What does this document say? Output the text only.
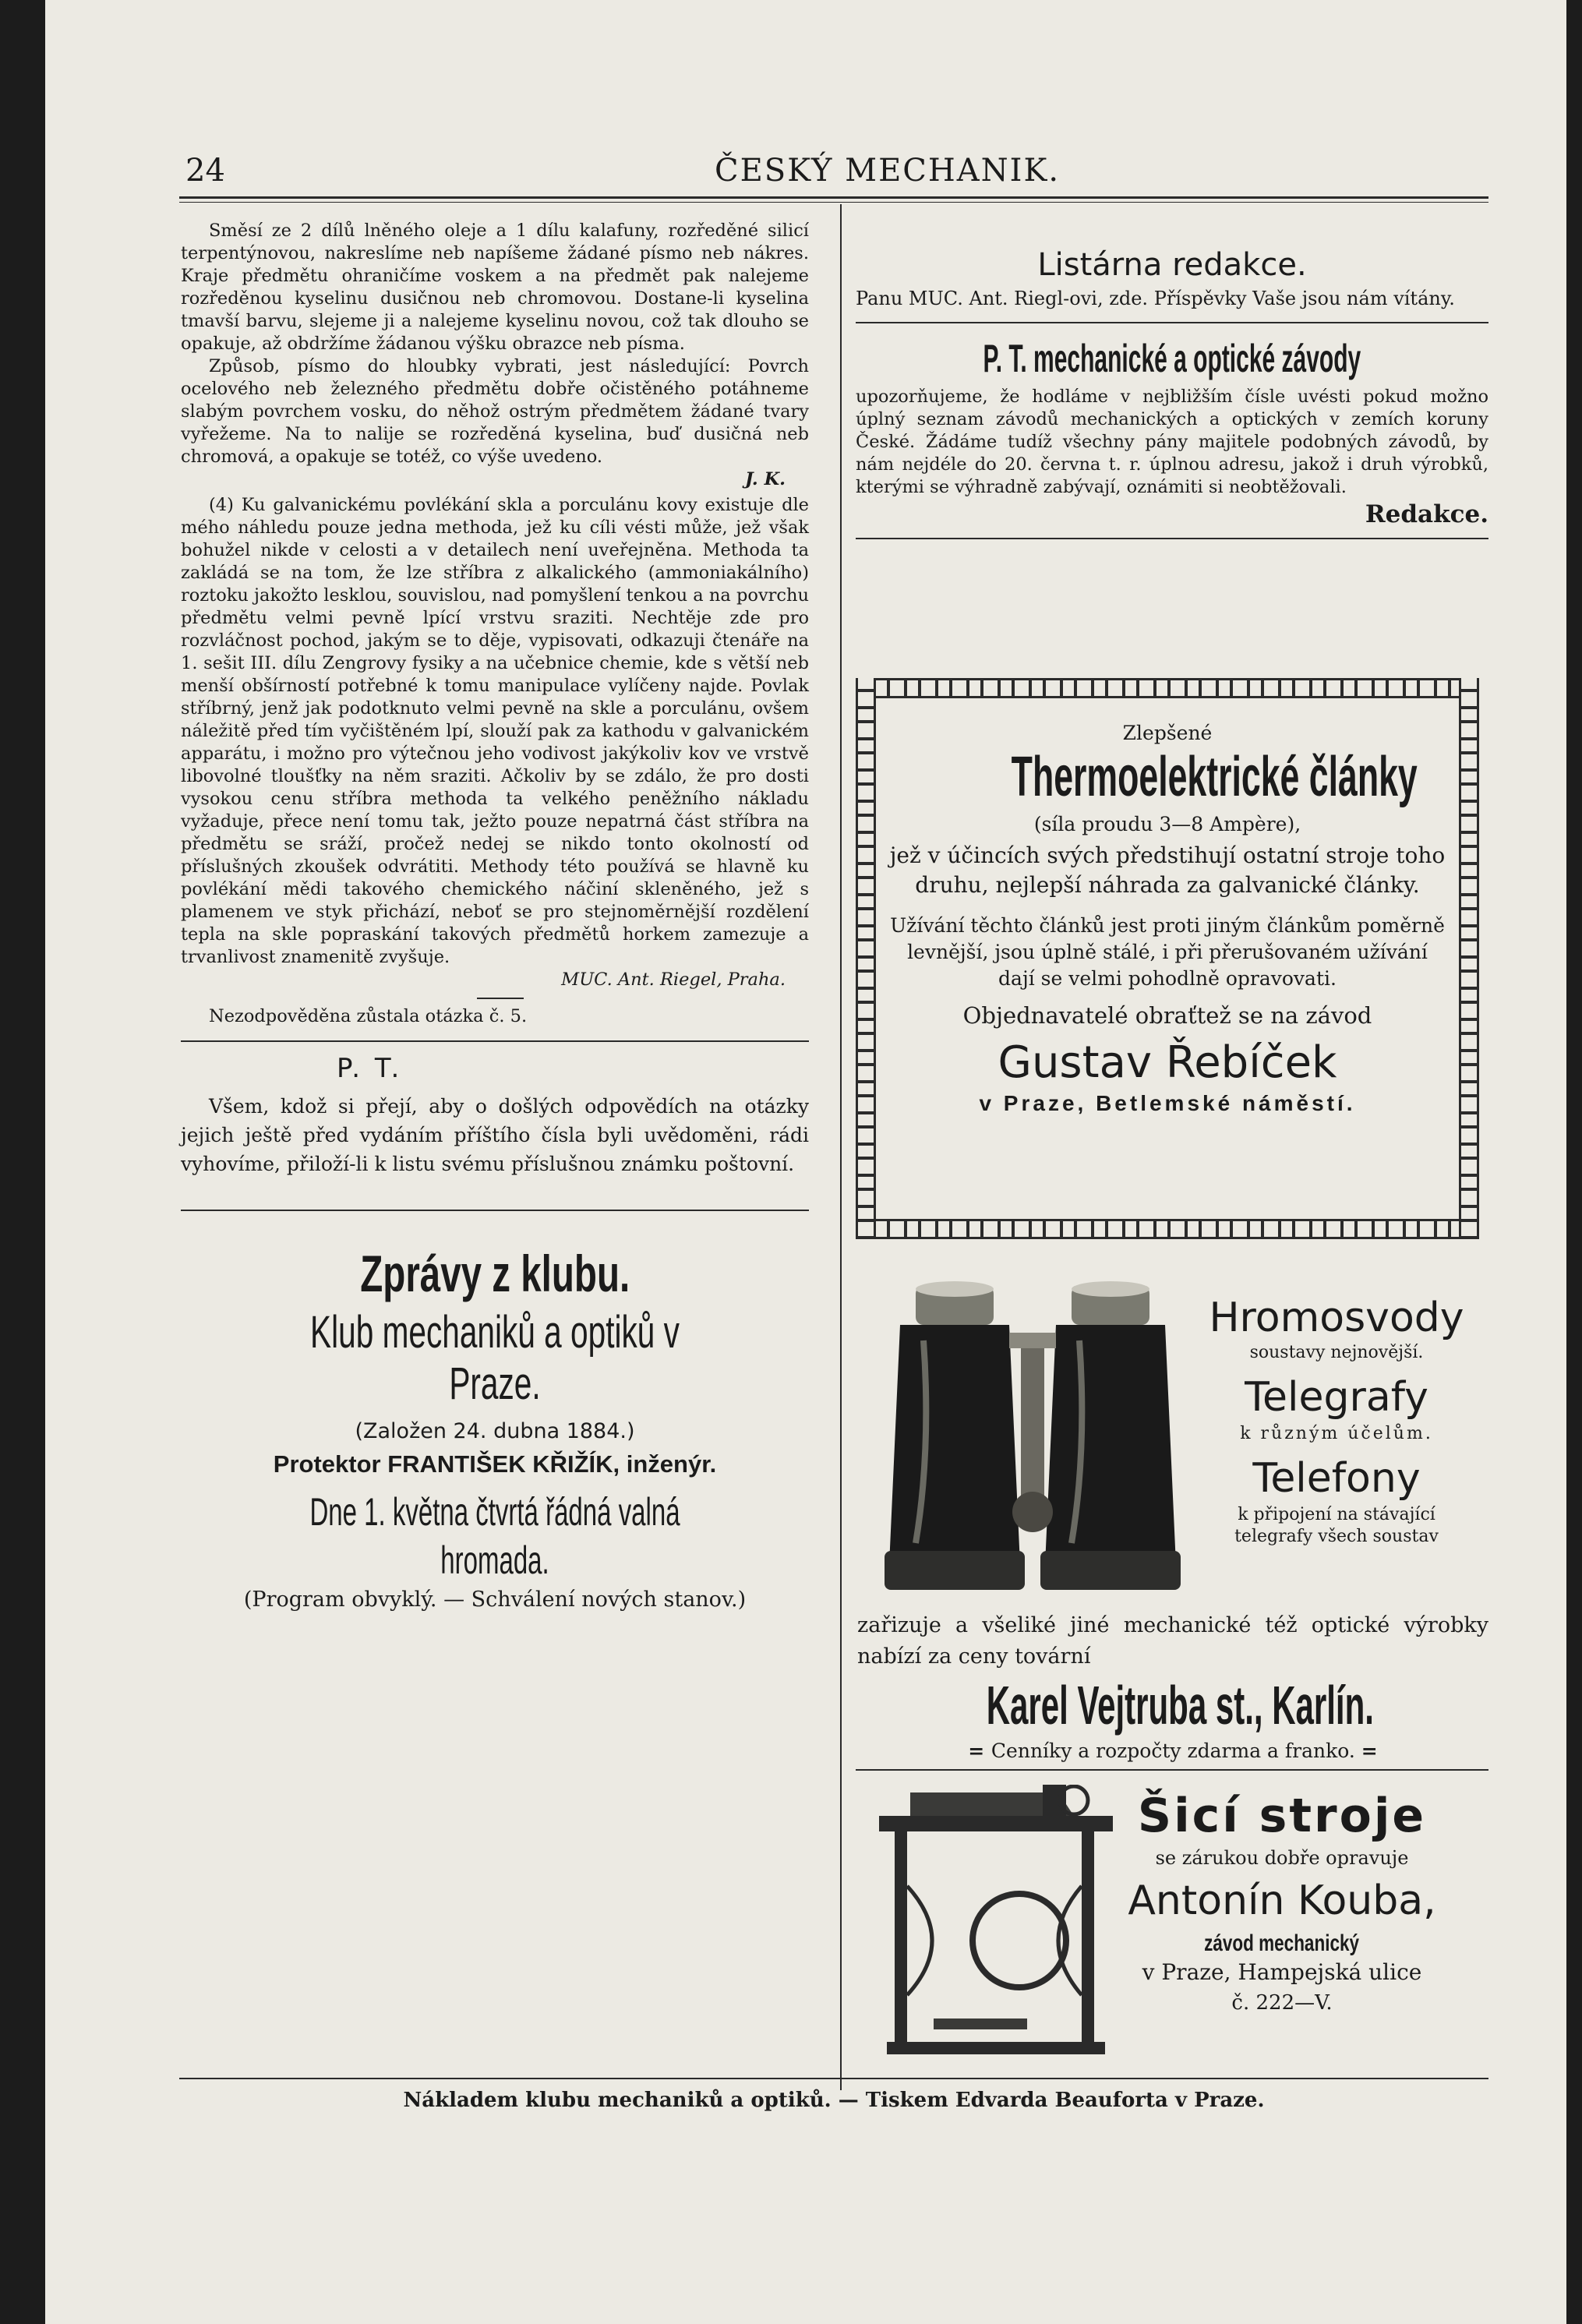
24	ČESKÝ MECHANIK.

Směsí ze 2 dílů lněného oleje a 1 dílu kalafuny, rozředěné silicí terpentýnovou, nakreslíme neb napíšeme žádané písmo neb nákres. Kraje předmětu ohraničíme voskem a na předmět pak nalejeme rozředěnou kyselinu dusičnou neb chromovou. Dostane-li kyselina tmavší barvu, slejeme ji a nalejeme kyselinu novou, což tak dlouho se opakuje, až obdržíme žádanou výšku obrazce neb písma.

Způsob, písmo do hloubky vybrati, jest následující: Povrch ocelového neb železného předmětu dobře očistěného potáhneme slabým povrchem vosku, do něhož ostrým předmětem žádané tvary vyřežeme. Na to nalije se rozředěná kyselina, buď dusičná neb chromová, a opakuje se totéž, co výše uvedeno.

J. K.

(4) Ku galvanickému povlékání skla a porculánu kovy existuje dle mého náhledu pouze jedna methoda, jež ku cíli vésti může, jež však bohužel nikde v celosti a v detailech není uveřejněna. Methoda ta zakládá se na tom, že lze stříbra z alkalického (ammoniakálního) roztoku jakožto lesklou, souvislou, nad pomyšlení tenkou a na povrchu předmětu velmi pevně lpící vrstvu sraziti. Nechtěje zde pro rozvláčnost pochod, jakým se to děje, vypisovati, odkazuji čtenáře na 1. sešit III. dílu Zengrovy fysiky a na učebnice chemie, kde s větší neb menší obšírností potřebné k tomu manipulace vylíčeny najde. Povlak stříbrný, jenž jak podotknuto velmi pevně na skle a porculánu, ovšem náležitě před tím vyčištěném lpí, slouží pak za kathodu v galvanickém apparátu, i možno pro výtečnou jeho vodivost jakýkoliv kov ve vrstvě libovolné tloušťky na něm sraziti. Ačkoliv by se zdálo, že pro dosti vysokou cenu stříbra methoda ta velkého peněžního nákladu vyžaduje, přece není tomu tak, ježto pouze nepatrná část stříbra na předmětu se sráží, pročež nedej se nikdo tonto okolností od příslušných zkoušek odvrátiti. Methody této používá se hlavně ku povlékání mědi takového chemického náčiní skleněného, jež s plamenem ve styk přichází, neboť se pro stejnoměrnější rozdělení tepla na skle popraskání takových předmětů horkem zamezuje a trvanlivost znamenitě zvyšuje.

MUC. Ant. Riegel, Praha.

Nezodpověděna zůstala otázka č. 5.

P. T.

Všem, kdož si přejí, aby o došlých odpovědích na otázky jejich ještě před vydáním příštího čísla byli uvědoměni, rádi vyhovíme, přiloží-li k listu svému příslušnou známku poštovní.

Zprávy z klubu.
Klub mechaniků a optiků v Praze.
(Založen 24. dubna 1884.)
Protektor FRANTIŠEK KŘIŽÍK, inženýr.
Dne 1. května čtvrtá řádná valná hromada.
(Program obvyklý. — Schválení nových stanov.)
Listárna redakce.

Panu MUC. Ant. Riegl-ovi, zde. Příspěvky Vaše jsou nám vítány.

P. T. mechanické a optické závody

upozorňujeme, že hodláme v nejbližším čísle uvésti pokud možno úplný seznam závodů mechanických a optických v zemích koruny České. Žádáme tudíž všechny pány majitele podobných závodů, by nám nejdéle do 20. června t. r. úplnou adresu, jakož i druh výrobků, kterými se výhradně zabývají, oznámiti si neobtěžovali.

Redakce.
Zlepšené
Thermoelektrické články
(síla proudu 3—8 Ampère),
jež v účincích svých předstihují ostatní stroje toho druhu, nejlepší náhrada za galvanické články.
Užívání těchto článků jest proti jiným článkům poměrně levnější, jsou úplně stálé, i při přerušovaném užívání dají se velmi pohodlně opravovati.
Objednavatelé obraťtež se na závod
Gustav Řebíček
v Praze, Betlemské náměstí.
Hromosvody
soustavy nejnovější.
Telegrafy
k různým účelům.
Telefony
k připojení na stávající telegrafy všech soustav
zařizuje a všeliké jiné mechanické též optické výrobky nabízí za ceny tovární
Karel Vejtruba st., Karlín.
= Cenníky a rozpočty zdarma a franko. =
Šicí stroje
se zárukou dobře opravuje
Antonín Kouba,
závod mechanický
v Praze, Hampejská ulice
č. 222—V.
Nákladem klubu mechaniků a optiků. — Tiskem Edvarda Beauforta v Praze.
